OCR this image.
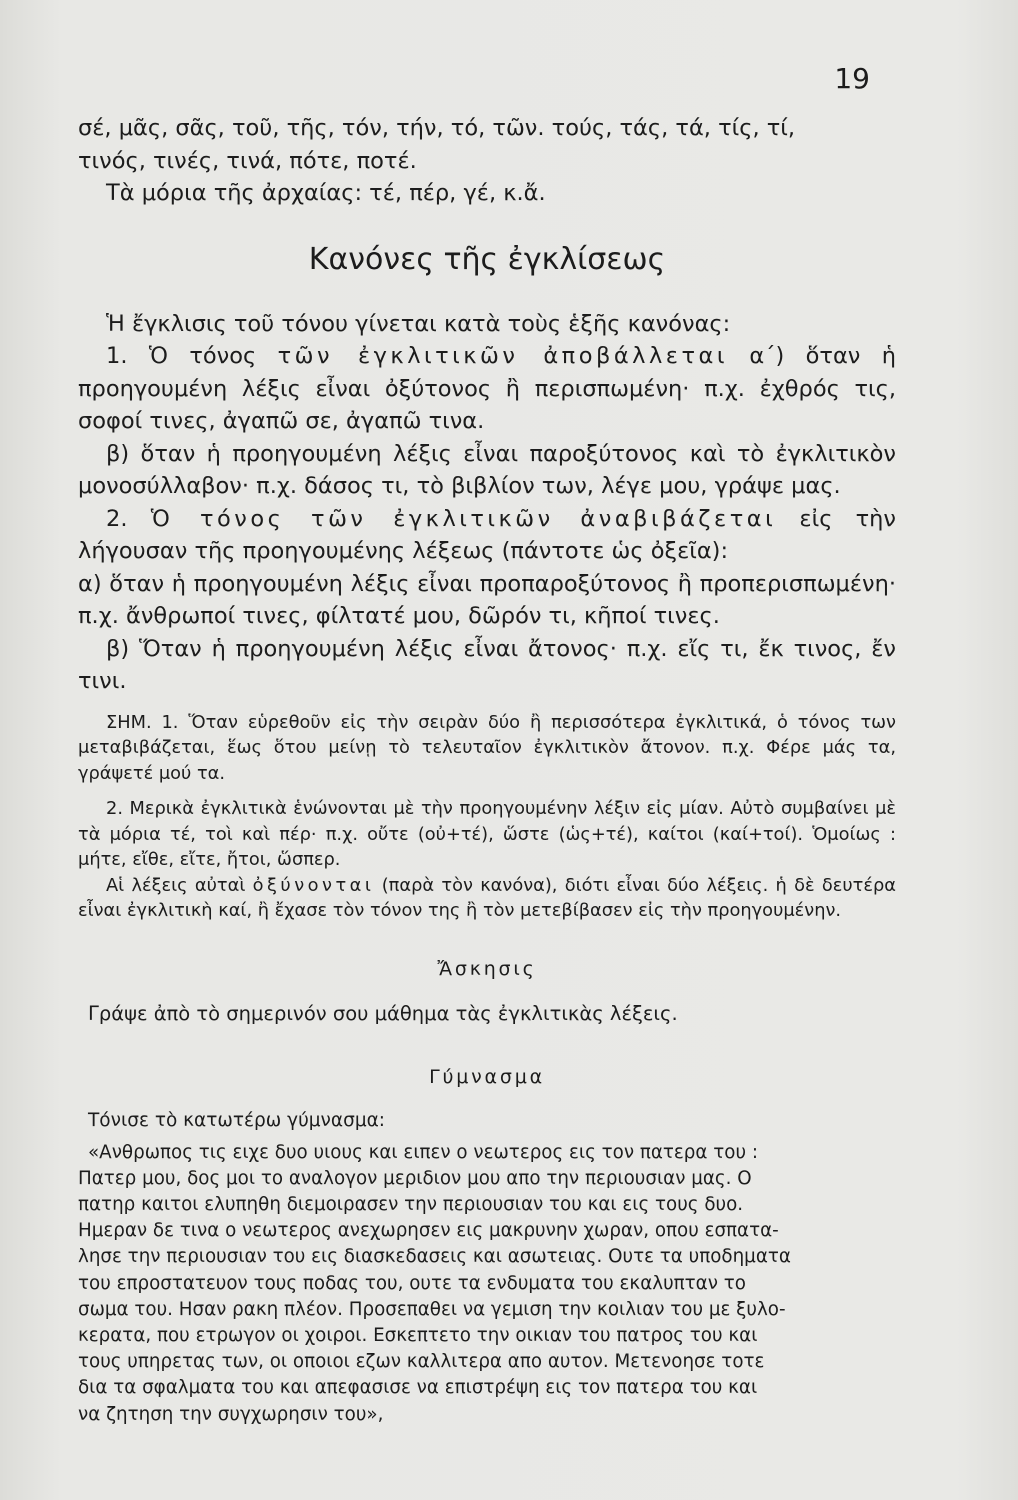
19

σέ, μᾶς, σᾶς, τοῦ, τῆς, τόν, τήν, τό, τῶν. τούς, τάς, τά, τίς, τί,

τινός, τινές, τινά, πότε, ποτέ.

Τὰ μόρια τῆς ἀρχαίας: τέ, πέρ, γέ, κ.ἄ.

Κανόνες τῆς ἐγκλίσεως

Ἡ ἔγκλισις τοῦ τόνου γίνεται κατὰ τοὺς ἑξῆς κανόνας:

1. Ὁ τόνος τῶν ἐγκλιτικῶν ἀποβάλλεται α΄) ὅταν ἡ προηγουμένη λέξις εἶναι ὀξύτονος ἢ περισπωμένη· π.χ. ἐχθρός τις, σοφοί τινες, ἀγαπῶ σε, ἀγαπῶ τινα.

β) ὅταν ἡ προηγουμένη λέξις εἶναι παροξύτονος καὶ τὸ ἐγκλιτικὸν μονοσύλλαβον· π.χ. δάσος τι, τὸ βιβλίον των, λέγε μου, γράψε μας.

2. Ὁ τόνος τῶν ἐγκλιτικῶν ἀναβιβάζεται εἰς τὴν λήγουσαν τῆς προηγουμένης λέξεως (πάντοτε ὡς ὀξεῖα):

α) ὅταν ἡ προηγουμένη λέξις εἶναι προπαροξύτονος ἢ προπερισπωμένη· π.χ. ἄνθρωποί τινες, φίλτατέ μου, δῶρόν τι, κῆποί τινες.

β) Ὅταν ἡ προηγουμένη λέξις εἶναι ἄτονος· π.χ. εἴς τι, ἔκ τινος, ἔν τινι.

ΣΗΜ. 1. Ὅταν εὑρεθοῦν εἰς τὴν σειρὰν δύο ἢ περισσότερα ἐγκλιτικά, ὁ τόνος των μεταβιβάζεται, ἕως ὅτου μείνῃ τὸ τελευταῖον ἐγκλιτικὸν ἄτονον. π.χ. Φέρε μάς τα, γράψετέ μού τα.

2. Μερικὰ ἐγκλιτικὰ ἑνώνονται μὲ τὴν προηγουμένην λέξιν εἰς μίαν. Αὐτὸ συμβαίνει μὲ τὰ μόρια τέ, τοὶ καὶ πέρ· π.χ. οὔτε (οὐ+τέ), ὥστε (ὡς+τέ), καίτοι (καί+τοί). Ὁμοίως : μήτε, εἴθε, εἴτε, ἤτοι, ὥσπερ.

Αἱ λέξεις αὐταὶ ὀξύνονται (παρὰ τὸν κανόνα), διότι εἶναι δύο λέξεις. ἡ δὲ δευτέρα εἶναι ἐγκλιτικὴ καί, ἢ ἔχασε τὸν τόνον της ἢ τὸν μετεβίβασεν εἰς τὴν προηγουμένην.

Ἄσκησις

Γράψε ἀπὸ τὸ σημερινόν σου μάθημα τὰς ἐγκλιτικὰς λέξεις.

Γύμνασμα

Τόνισε τὸ κατωτέρω γύμνασμα:

«Ανθρωπος τις ειχε δυο υιους και ειπεν ο νεωτερος εις τον πατερα του :

Πατερ μου, δος μοι το αναλογον μεριδιον μου απο την περιουσιαν μας. Ο

πατηρ καιτοι ελυπηθη διεμοιρασεν την περιουσιαν του και εις τους δυο.

Ημεραν δε τινα ο νεωτερος ανεχωρησεν εις μακρυνην χωραν, οπου εσπατα-

λησε την περιουσιαν του εις διασκεδασεις και ασωτειας. Ουτε τα υποδηματα

του επροστατευον τους ποδας του, ουτε τα ενδυματα του εκαλυπταν το

σωμα του. Ησαν ρακη πλέον. Προσεπαθει να γεμιση την κοιλιαν του με ξυλο-

κερατα, που ετρωγον οι χοιροι. Εσκεπτετο την οικιαν του πατρος του και

τους υπηρετας των, οι οποιοι εζων καλλιτερα απο αυτον. Μετενοησε τοτε

δια τα σφαλματα του και απεφασισε να επιστρέψη εις τον πατερα του και

να ζητηση την συγχωρησιν του»,
